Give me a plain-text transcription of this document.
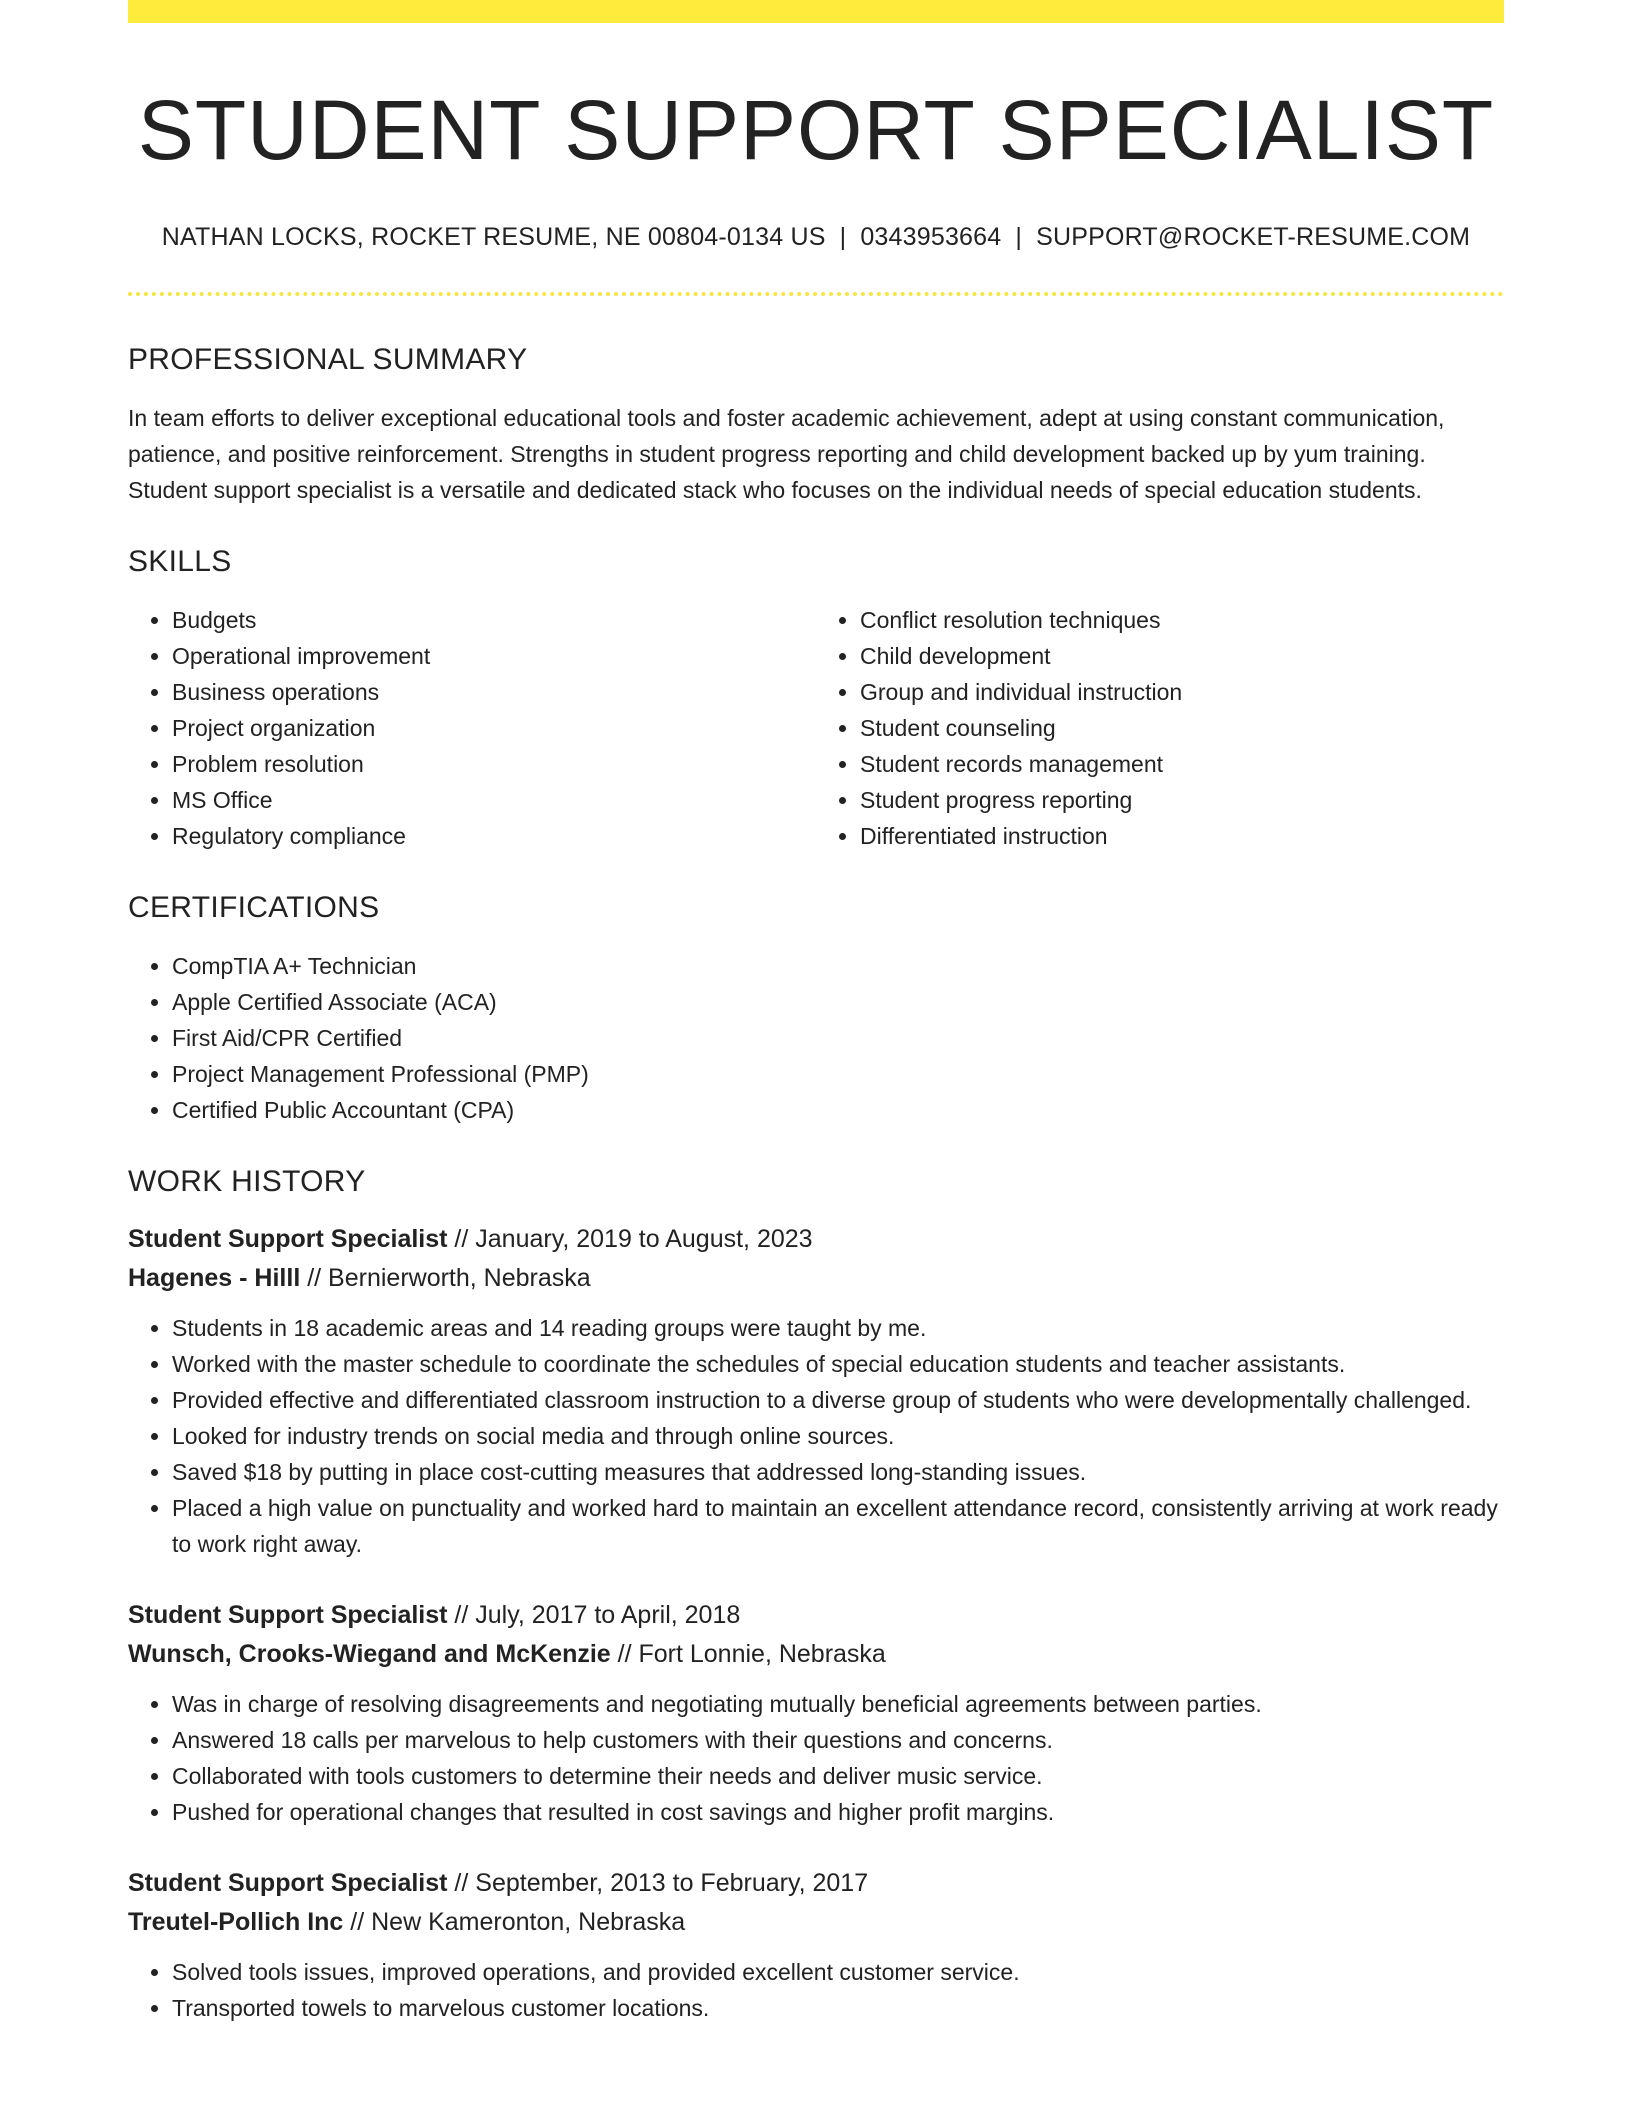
STUDENT SUPPORT SPECIALIST
NATHAN LOCKS, ROCKET RESUME, NE 00804-0134 US | 0343953664 | SUPPORT@ROCKET-RESUME.COM
PROFESSIONAL SUMMARY

In team efforts to deliver exceptional educational tools and foster academic achievement, adept at using constant communication, patience, and positive reinforcement. Strengths in student progress reporting and child development backed up by yum training. Student support specialist is a versatile and dedicated stack who focuses on the individual needs of special education students.

SKILLS
• Budgets
• Operational improvement
• Business operations
• Project organization
• Problem resolution
• MS Office
• Regulatory compliance
• Conflict resolution techniques
• Child development
• Group and individual instruction
• Student counseling
• Student records management
• Student progress reporting
• Differentiated instruction
CERTIFICATIONS
• CompTIA A+ Technician
• Apple Certified Associate (ACA)
• First Aid/CPR Certified
• Project Management Professional (PMP)
• Certified Public Accountant (CPA)
WORK HISTORY
Student Support Specialist // January, 2019 to August, 2023
Hagenes - Hilll // Bernierworth, Nebraska
• Students in 18 academic areas and 14 reading groups were taught by me.
• Worked with the master schedule to coordinate the schedules of special education students and teacher assistants.
• Provided effective and differentiated classroom instruction to a diverse group of students who were developmentally challenged.
• Looked for industry trends on social media and through online sources.
• Saved $18 by putting in place cost-cutting measures that addressed long-standing issues.
• Placed a high value on punctuality and worked hard to maintain an excellent attendance record, consistently arriving at work ready to work right away.
Student Support Specialist // July, 2017 to April, 2018
Wunsch, Crooks-Wiegand and McKenzie // Fort Lonnie, Nebraska
• Was in charge of resolving disagreements and negotiating mutually beneficial agreements between parties.
• Answered 18 calls per marvelous to help customers with their questions and concerns.
• Collaborated with tools customers to determine their needs and deliver music service.
• Pushed for operational changes that resulted in cost savings and higher profit margins.
Student Support Specialist // September, 2013 to February, 2017
Treutel-Pollich Inc // New Kameronton, Nebraska
• Solved tools issues, improved operations, and provided excellent customer service.
• Transported towels to marvelous customer locations.
